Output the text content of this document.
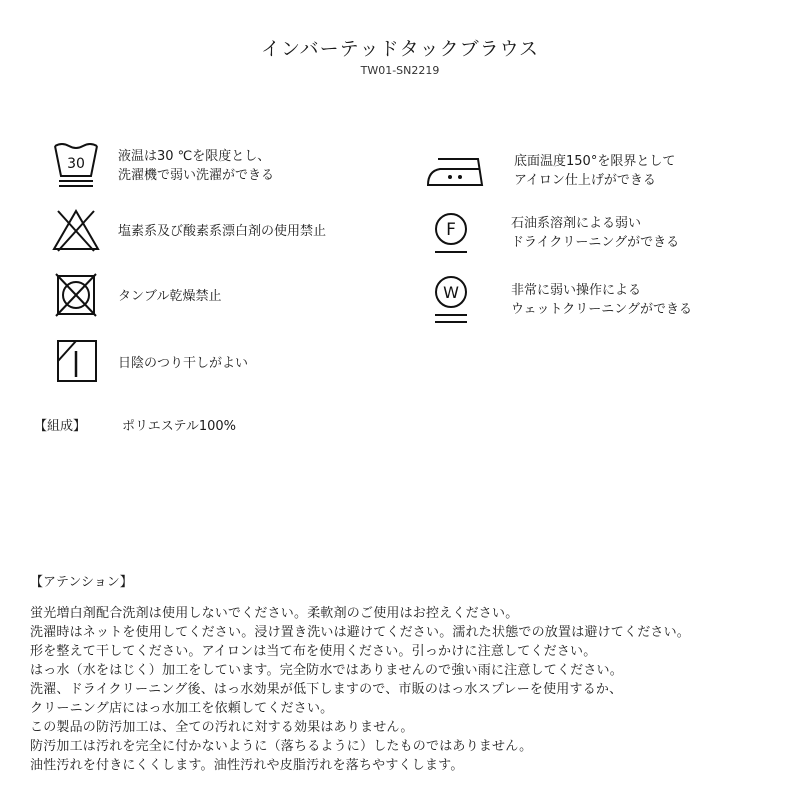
インバーテッドタックブラウス
TW01-SN2219
30	液温は30 ℃を限度とし、
洗濯機で弱い洗濯ができる
塩素系及び酸素系漂白剤の使用禁止
タンブル乾燥禁止
日陰のつり干しがよい
底面温度150°を限界として
アイロン仕上げができる
F	石油系溶剤による弱い
ドライクリーニングができる
W	非常に弱い操作による
ウェットクリーニングができる
【組成】	ポリエステル100%
【アテンション】
蛍光増白剤配合洗剤は使用しないでください。柔軟剤のご使用はお控えください。
洗濯時はネットを使用してください。浸け置き洗いは避けてください。濡れた状態での放置は避けてください。
形を整えて干してください。アイロンは当て布を使用ください。引っかけに注意してください。
はっ水（水をはじく）加工をしています。完全防水ではありませんので強い雨に注意してください。
洗濯、ドライクリーニング後、はっ水効果が低下しますので、市販のはっ水スプレーを使用するか、
クリーニング店にはっ水加工を依頼してください。
この製品の防汚加工は、全ての汚れに対する効果はありません。
防汚加工は汚れを完全に付かないように（落ちるように）したものではありません。
油性汚れを付きにくくします。油性汚れや皮脂汚れを落ちやすくします。
